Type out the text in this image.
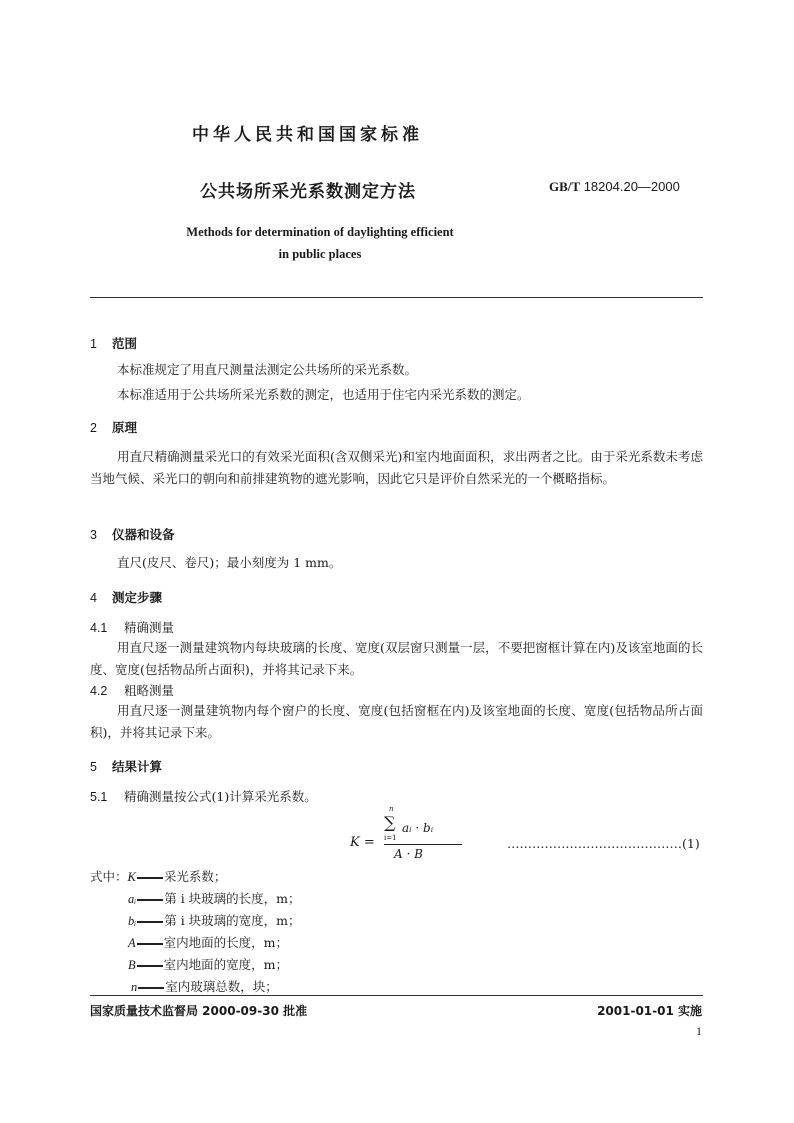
中华人民共和国国家标准
公共场所采光系数测定方法	GB/T 18204.20—2000
Methods for determination of daylighting efficient
in public places
1 范围
本标准规定了用直尺测量法测定公共场所的采光系数。
本标准适用于公共场所采光系数的测定，也适用于住宅内采光系数的测定。
2 原理
用直尺精确测量采光口的有效采光面积(含双侧采光)和室内地面面积，求出两者之比。由于采光系数未考虑当地气候、采光口的朝向和前排建筑物的遮光影响，因此它只是评价自然采光的一个概略指标。
3 仪器和设备
直尺(皮尺、卷尺)；最小刻度为 1 mm。
4 测定步骤
4.1 精确测量
用直尺逐一测量建筑物内每块玻璃的长度、宽度(双层窗只测量一层，不要把窗框计算在内)及该室地面的长度、宽度(包括物品所占面积)，并将其记录下来。
4.2 粗略测量
用直尺逐一测量建筑物内每个窗户的长度、宽度(包括窗框在内)及该室地面的长度、宽度(包括物品所占面积)，并将其记录下来。
5 结果计算
5.1 精确测量按公式(1)计算采光系数。
K =
n
∑
i=1
aᵢ · bᵢ
A · B
……………………………………(1)
式中：K 采光系数；
aᵢ 第 i 块玻璃的长度，m；
bᵢ 第 i 块玻璃的宽度，m；
A 室内地面的长度，m；
B 室内地面的宽度，m；
n 室内玻璃总数，块；
国家质量技术监督局 2000-09-30 批准	2001-01-01 实施
1
